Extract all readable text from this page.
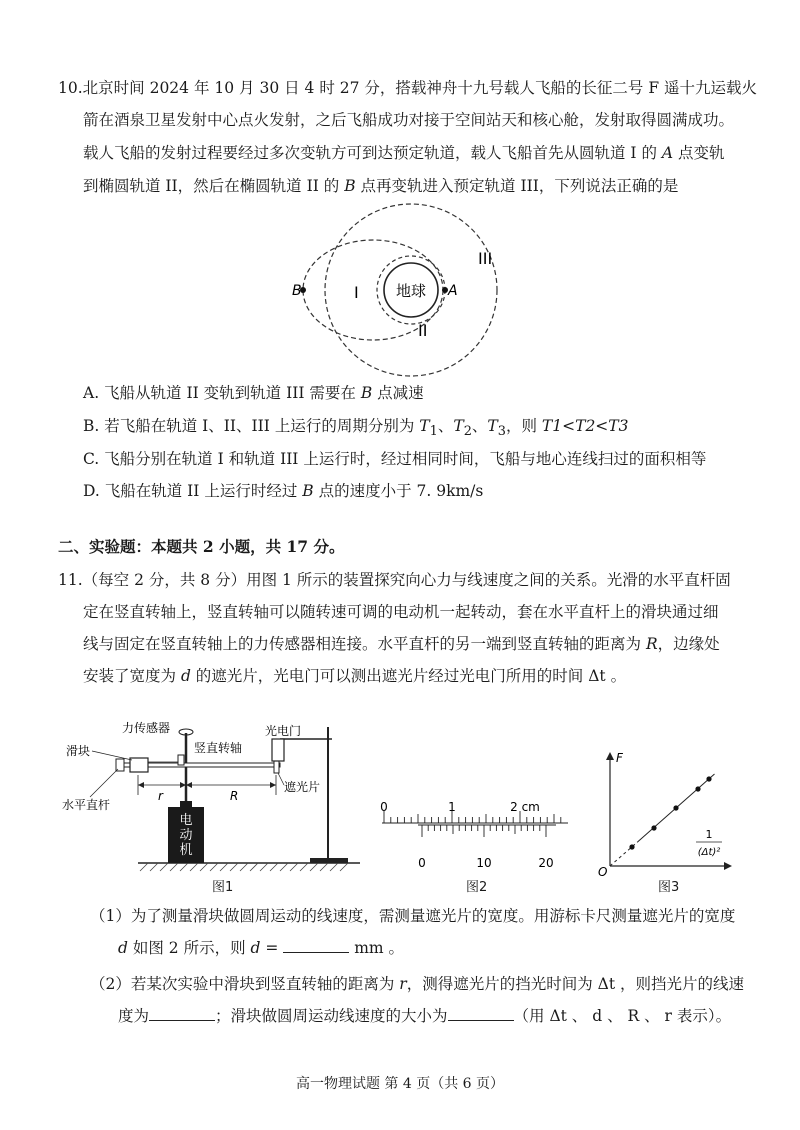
10.北京时间 2024 年 10 月 30 日 4 时 27 分，搭载神舟十九号载人飞船的长征二号 F 遥十九运载火
箭在酒泉卫星发射中心点火发射，之后飞船成功对接于空间站天和核心舱，发射取得圆满成功。
载人飞船的发射过程要经过多次变轨方可到达预定轨道，载人飞船首先从圆轨道 I 的 A 点变轨
到椭圆轨道 II，然后在椭圆轨道 II 的 B 点再变轨进入预定轨道 III，下列说法正确的是
地球
B	A
I
II
III
A. 飞船从轨道 II 变轨到轨道 III 需要在 B 点减速
B. 若飞船在轨道 I、II、III 上运行的周期分别为 $T_1$、$T_2$、$T_3$，则 T1<T2<T3
C. 飞船分别在轨道 I 和轨道 III 上运行时，经过相同时间，飞船与地心连线扫过的面积相等
D. 飞船在轨道 II 上运行时经过 B 点的速度小于 7. 9km/s
二、实验题：本题共 2 小题，共 17 分。
11.（每空 2 分，共 8 分）用图 1 所示的装置探究向心力与线速度之间的关系。光滑的水平直杆固
定在竖直转轴上，竖直转轴可以随转速可调的电动机一起转动，套在水平直杆上的滑块通过细
线与固定在竖直转轴上的力传感器相连接。水平直杆的另一端到竖直转轴的距离为 R，边缘处
安装了宽度为 d 的遮光片，光电门可以测出遮光片经过光电门所用的时间 Δt 。
电
动
机
r	R
力传感器
滑块	竖直转轴
光电门
遮光片
水平直杆
图1
0	1	2 cm
0	10	20
图2
F
O
1
(Δt)²
图3
（1）为了测量滑块做圆周运动的线速度，需测量遮光片的宽度。用游标卡尺测量遮光片的宽度
d 如图 2 所示，则 d =	mm 。
（2）若某次实验中滑块到竖直转轴的距离为 r，测得遮光片的挡光时间为 Δt ，则挡光片的线速
度为	；滑块做圆周运动线速度的大小为	（用 Δt 、 d 、 R 、 r 表示）。
高一物理试题 第 4 页（共 6 页）
